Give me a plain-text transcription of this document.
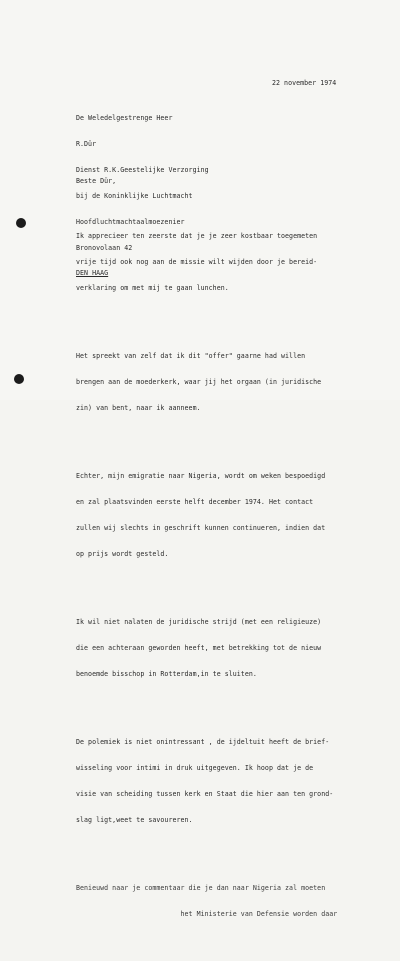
22 november 1974

De Weledelgestrenge Heer

R.Dür

Dienst R.K.Geestelijke Verzorging

bij de Koninklijke Luchtmacht

Hoofdluchtmachtaalmoezenier

Bronovolaan 42

DEN HAAG

Beste Dür,

Ik apprecieer ten zeerste dat je je zeer kostbaar toegemeten

vrije tijd ook nog aan de missie wilt wijden door je bereid-

verklaring om met mij te gaan lunchen.

Het spreekt van zelf dat ik dit "offer" gaarne had willen

brengen aan de moederkerk, waar jij het orgaan (in juridische

zin) van bent, naar ik aanneem.

Echter, mijn emigratie naar Nigeria, wordt om weken bespoedigd

en zal plaatsvinden eerste helft december 1974. Het contact

zullen wij slechts in geschrift kunnen continueren, indien dat

op prijs wordt gesteld.

Ik wil niet nalaten de juridische strijd (met een religieuze)

die een achteraan geworden heeft, met betrekking tot de nieuw

benoemde bisschop in Rotterdam,in te sluiten.

De polemiek is niet onintressant , de ijdeltuit heeft de brief-

wisseling voor intimi in druk uitgegeven. Ik hoop dat je de

visie van scheiding tussen kerk en Staat die hier aan ten grond-

slag ligt,weet te savoureren.

Benieuwd naar je commentaar die je dan naar Nigeria zal moeten

het Ministerie van Defensie worden daar
